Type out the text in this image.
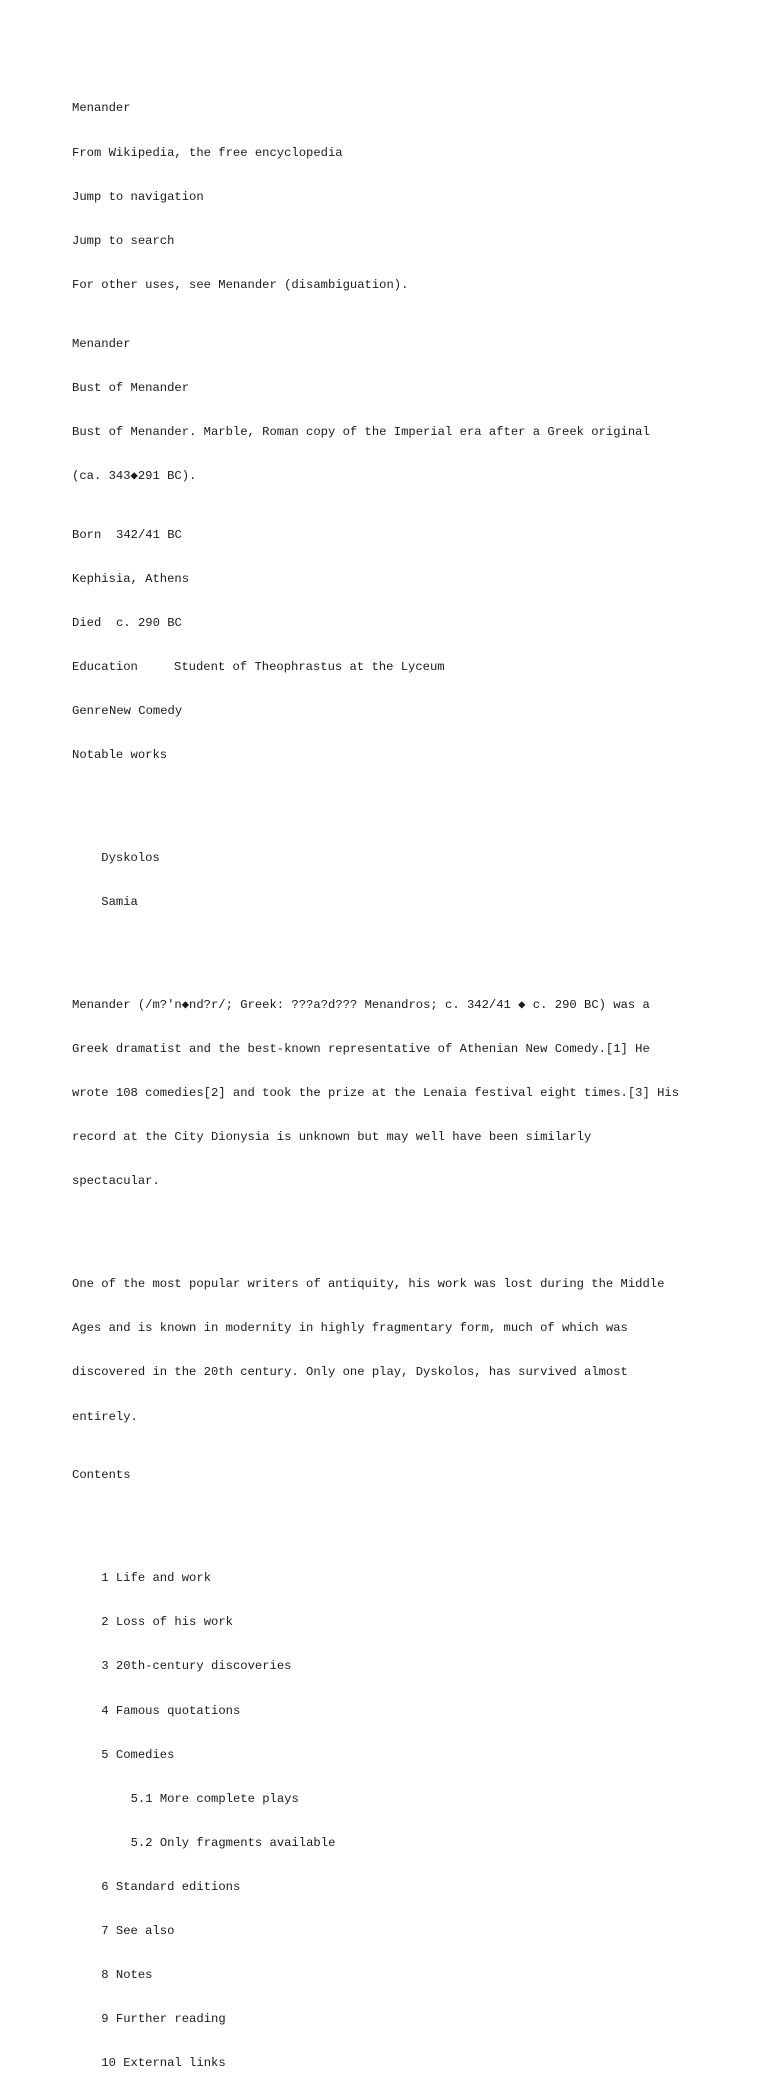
Menander

From Wikipedia, the free encyclopedia

Jump to navigation

Jump to search

For other uses, see Menander (disambiguation).

Menander

Bust of Menander

Bust of Menander. Marble, Roman copy of the Imperial era after a Greek original

(ca. 343◆291 BC).

Born 342/41 BC

Kephisia, Athens

Died c. 290 BC

Education	Student of Theophrastus at the Lyceum

GenreNew Comedy

Notable works

Dyskolos

Samia

Menander (/m?'n◆nd?r/; Greek: ???a?d??? Menandros; c. 342/41 ◆ c. 290 BC) was a

Greek dramatist and the best-known representative of Athenian New Comedy.[1] He

wrote 108 comedies[2] and took the prize at the Lenaia festival eight times.[3] His

record at the City Dionysia is unknown but may well have been similarly

spectacular.

One of the most popular writers of antiquity, his work was lost during the Middle

Ages and is known in modernity in highly fragmentary form, much of which was

discovered in the 20th century. Only one play, Dyskolos, has survived almost

entirely.

Contents

1 Life and work

2 Loss of his work

3 20th-century discoveries

4 Famous quotations

5 Comedies

5.1 More complete plays

5.2 Only fragments available

6 Standard editions

7 See also

8 Notes

9 Further reading

10 External links
